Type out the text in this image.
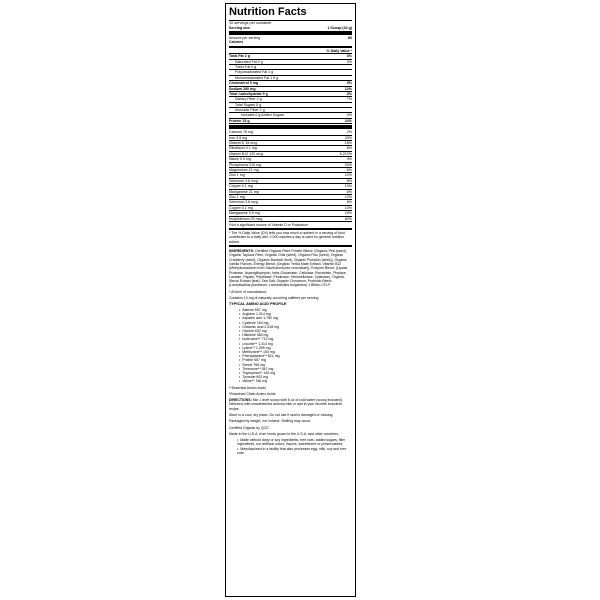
Nutrition Facts
10 servings per container
Serving size	1 Scoop (34 g)
Amount per serving	80
Calories
% Daily Value *
Total Fat 2 g	3%
Saturated Fat 0 g	0%
Trans Fat 0 g
Polyunsaturated Fat 1 g
Monounsaturated Fat 1.5 g
Cholesterol 0 mg	0%
Sodium 280 mg	12%
Total Carbohydrate 9 g	3%
Dietary Fiber 2 g	7%
Total Sugars 0 g
Insoluble Fiber 1 g
Includes 0 g Added Sugars	0%
Protein 15 g	24%
Calcium 78 mg	2%
Iron 3.5 mg	20%
Vitamin K 15 mcg	15%
Riboflavin 0.1 mg	6%
Vitamin B12 120 mcg	5,210%
Niacin 0.5 mg	4%
Phosphorus 210 mg	20%
Magnesium 21 mg	6%
Zinc 1 mg	10%
Selenium 3.6 mcg	8%
Copper 0.1 mg	10%
Manganese 21 mg	6%
Zinc 1 mg	10%
Selenium 3.6 mcg	8%
Copper 0.1 mg	10%
Manganese 0.5 mg	20%
Molybdenum 20 mcg	60%
*Not a significant source of Vitamin D or Potassium
* The % Daily Value (DV) tells you how much a nutrient in a serving of food contributes to a daily diet. 2,000 calories a day is used for general nutrition advice.
INGREDIENTS: Certified Organic Plant Protein Blend: (Organic Pea (seed), Organic Tapioca Fiber, Organic Chia (seed), Organic Flax (seed), Organic Cranberry (seed), Organic Baobab (fruit), Organic Pumpkin (seed)), Organic Vanilla Flavors, Energy Blend: (Organic Yerba Mate Extract, Vitamin B12 (Methylcobalamin from Saccharomyces cerevisiae)), Enzyme Blend: (Lipase, Protease, Aspergillopepsin, beta-Glucanase, Cellulase, Bromelain, Phytase, Lactase, Papain, Peptidase, Pectinase, Hemicellulase, Xylanase), Organic Stevia Extract (leaf), Sea Salt, Organic Cinnamon, Probiotic Blend: (Lactobacillus plantarum, Lactobacillus bulgaricus) 1 Billion CFU*
* At time of manufacture.
Contains 10 mg of naturally occurring caffeine per serving.
TYPICAL AMINO ACID PROFILE
• Alanine 657 mg
• Arginine 1,314 mg
• Aspartic acid 1,750 mg
• Cysteine 164 mg
• Glutamic acid 2,518 mg
• Glycine 602 mg
• Histidine 383 mg
• Isoleucine** 712 mg
• Leucine** 1,314 mg
• Lysine** 1,095 mg
• Methionine** 153 mg
• Phenylalanine** 821 mg
• Proline 657 mg
• Serine 766 mg
• Threonine** 547 mg
• Tryptophan** 164 mg
• Tyrosine 602 mg
• Valine** 766 mg
**Essential Amino Acids
*Branched Chain Amino Acids
DIRECTIONS: Mix 1 level scoop with 6 oz of cold water (scoop included). Delicious with unsweetened almond milk or add to your favorite smoothie recipe.
Store in a cool, dry place. Do not use if seal is damaged or missing.
Packaged by weight, not volume. Settling may occur.
Certified Organic by QCS
Made in the U.S.A. from foods grown in the U.S.A. and other countries.
• Made without dairy or soy ingredients, tree nuts, added sugars, filler ingredients, nor artificial colors, flavors, sweeteners or preservatives.
• Manufactured in a facility that also processes egg, milk, soy and tree nuts.
